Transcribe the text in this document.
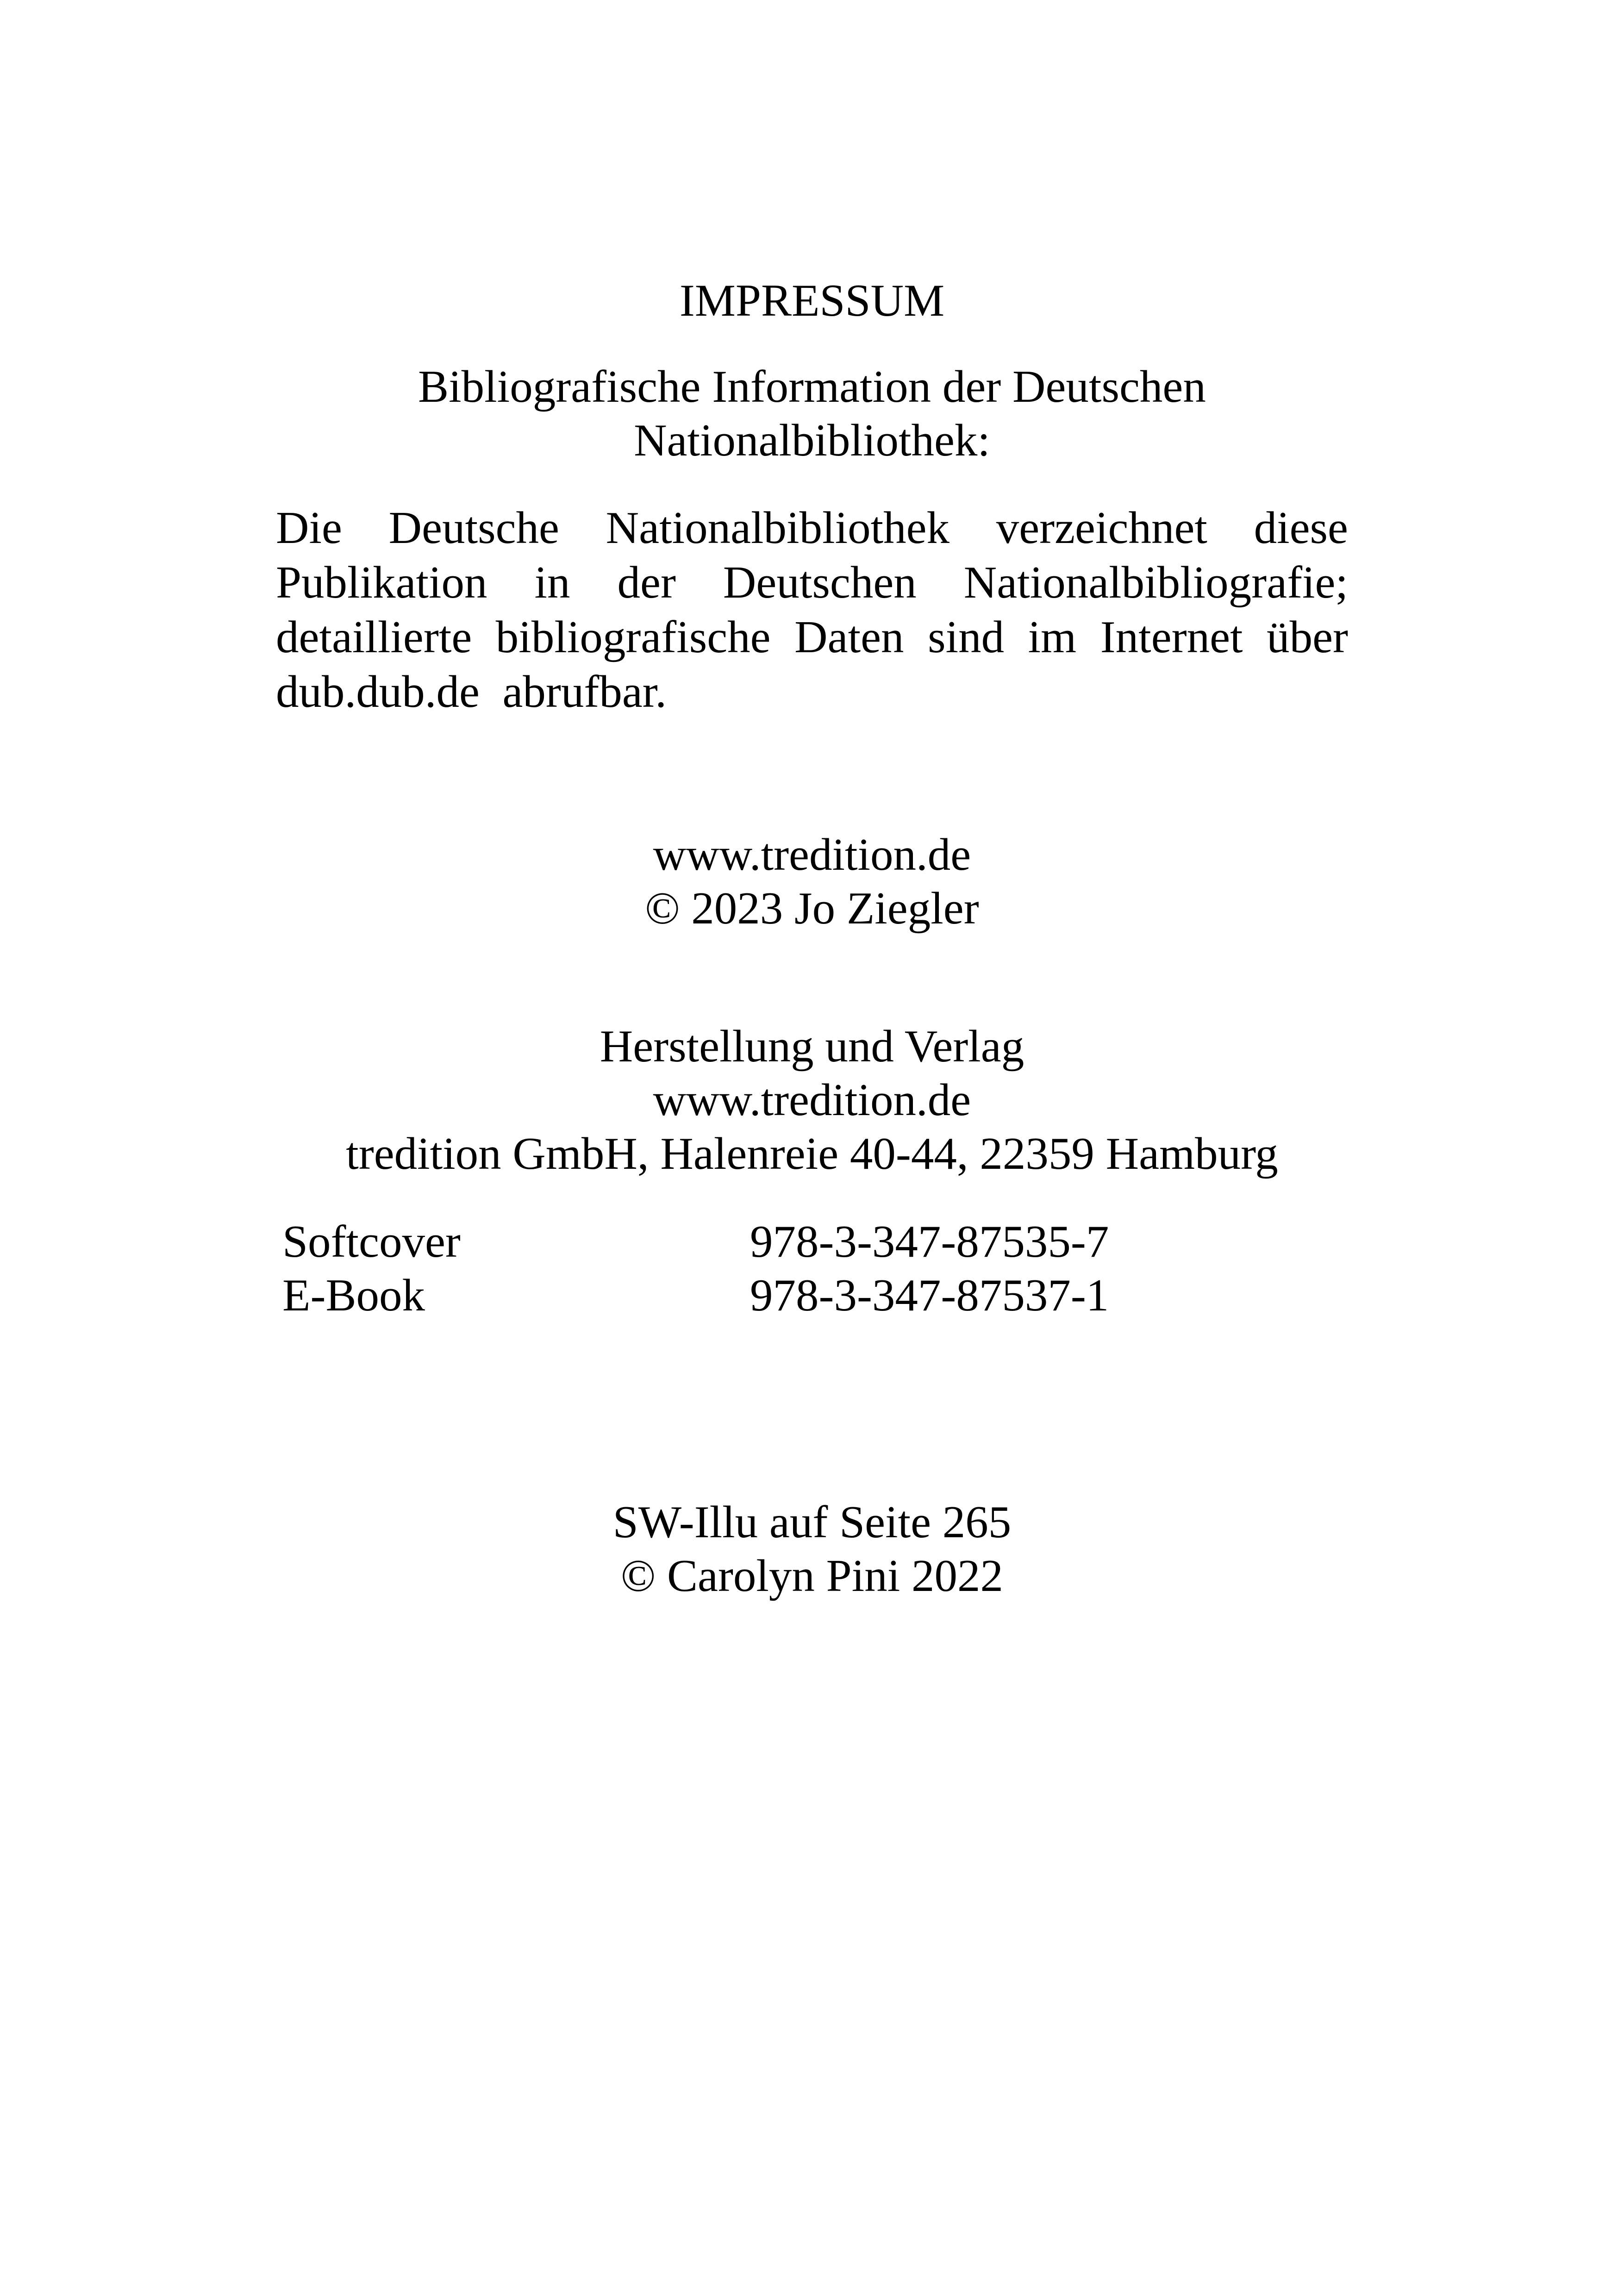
IMPRESSUM
Bibliografische Information der Deutschen
Nationalbibliothek:
Die Deutsche Nationalbibliothek verzeichnet diese
Publikation in der Deutschen Nationalbibliografie;
detaillierte bibliografische Daten sind im Internet über
dub.dub.de  abrufbar.
www.tredition.de
© 2023 Jo Ziegler
Herstellung und Verlag
www.tredition.de
tredition GmbH, Halenreie 40-44, 22359 Hamburg
Softcover	978-3-347-87535-7
E-Book	978-3-347-87537-1
SW-Illu auf Seite 265
© Carolyn Pini 2022
